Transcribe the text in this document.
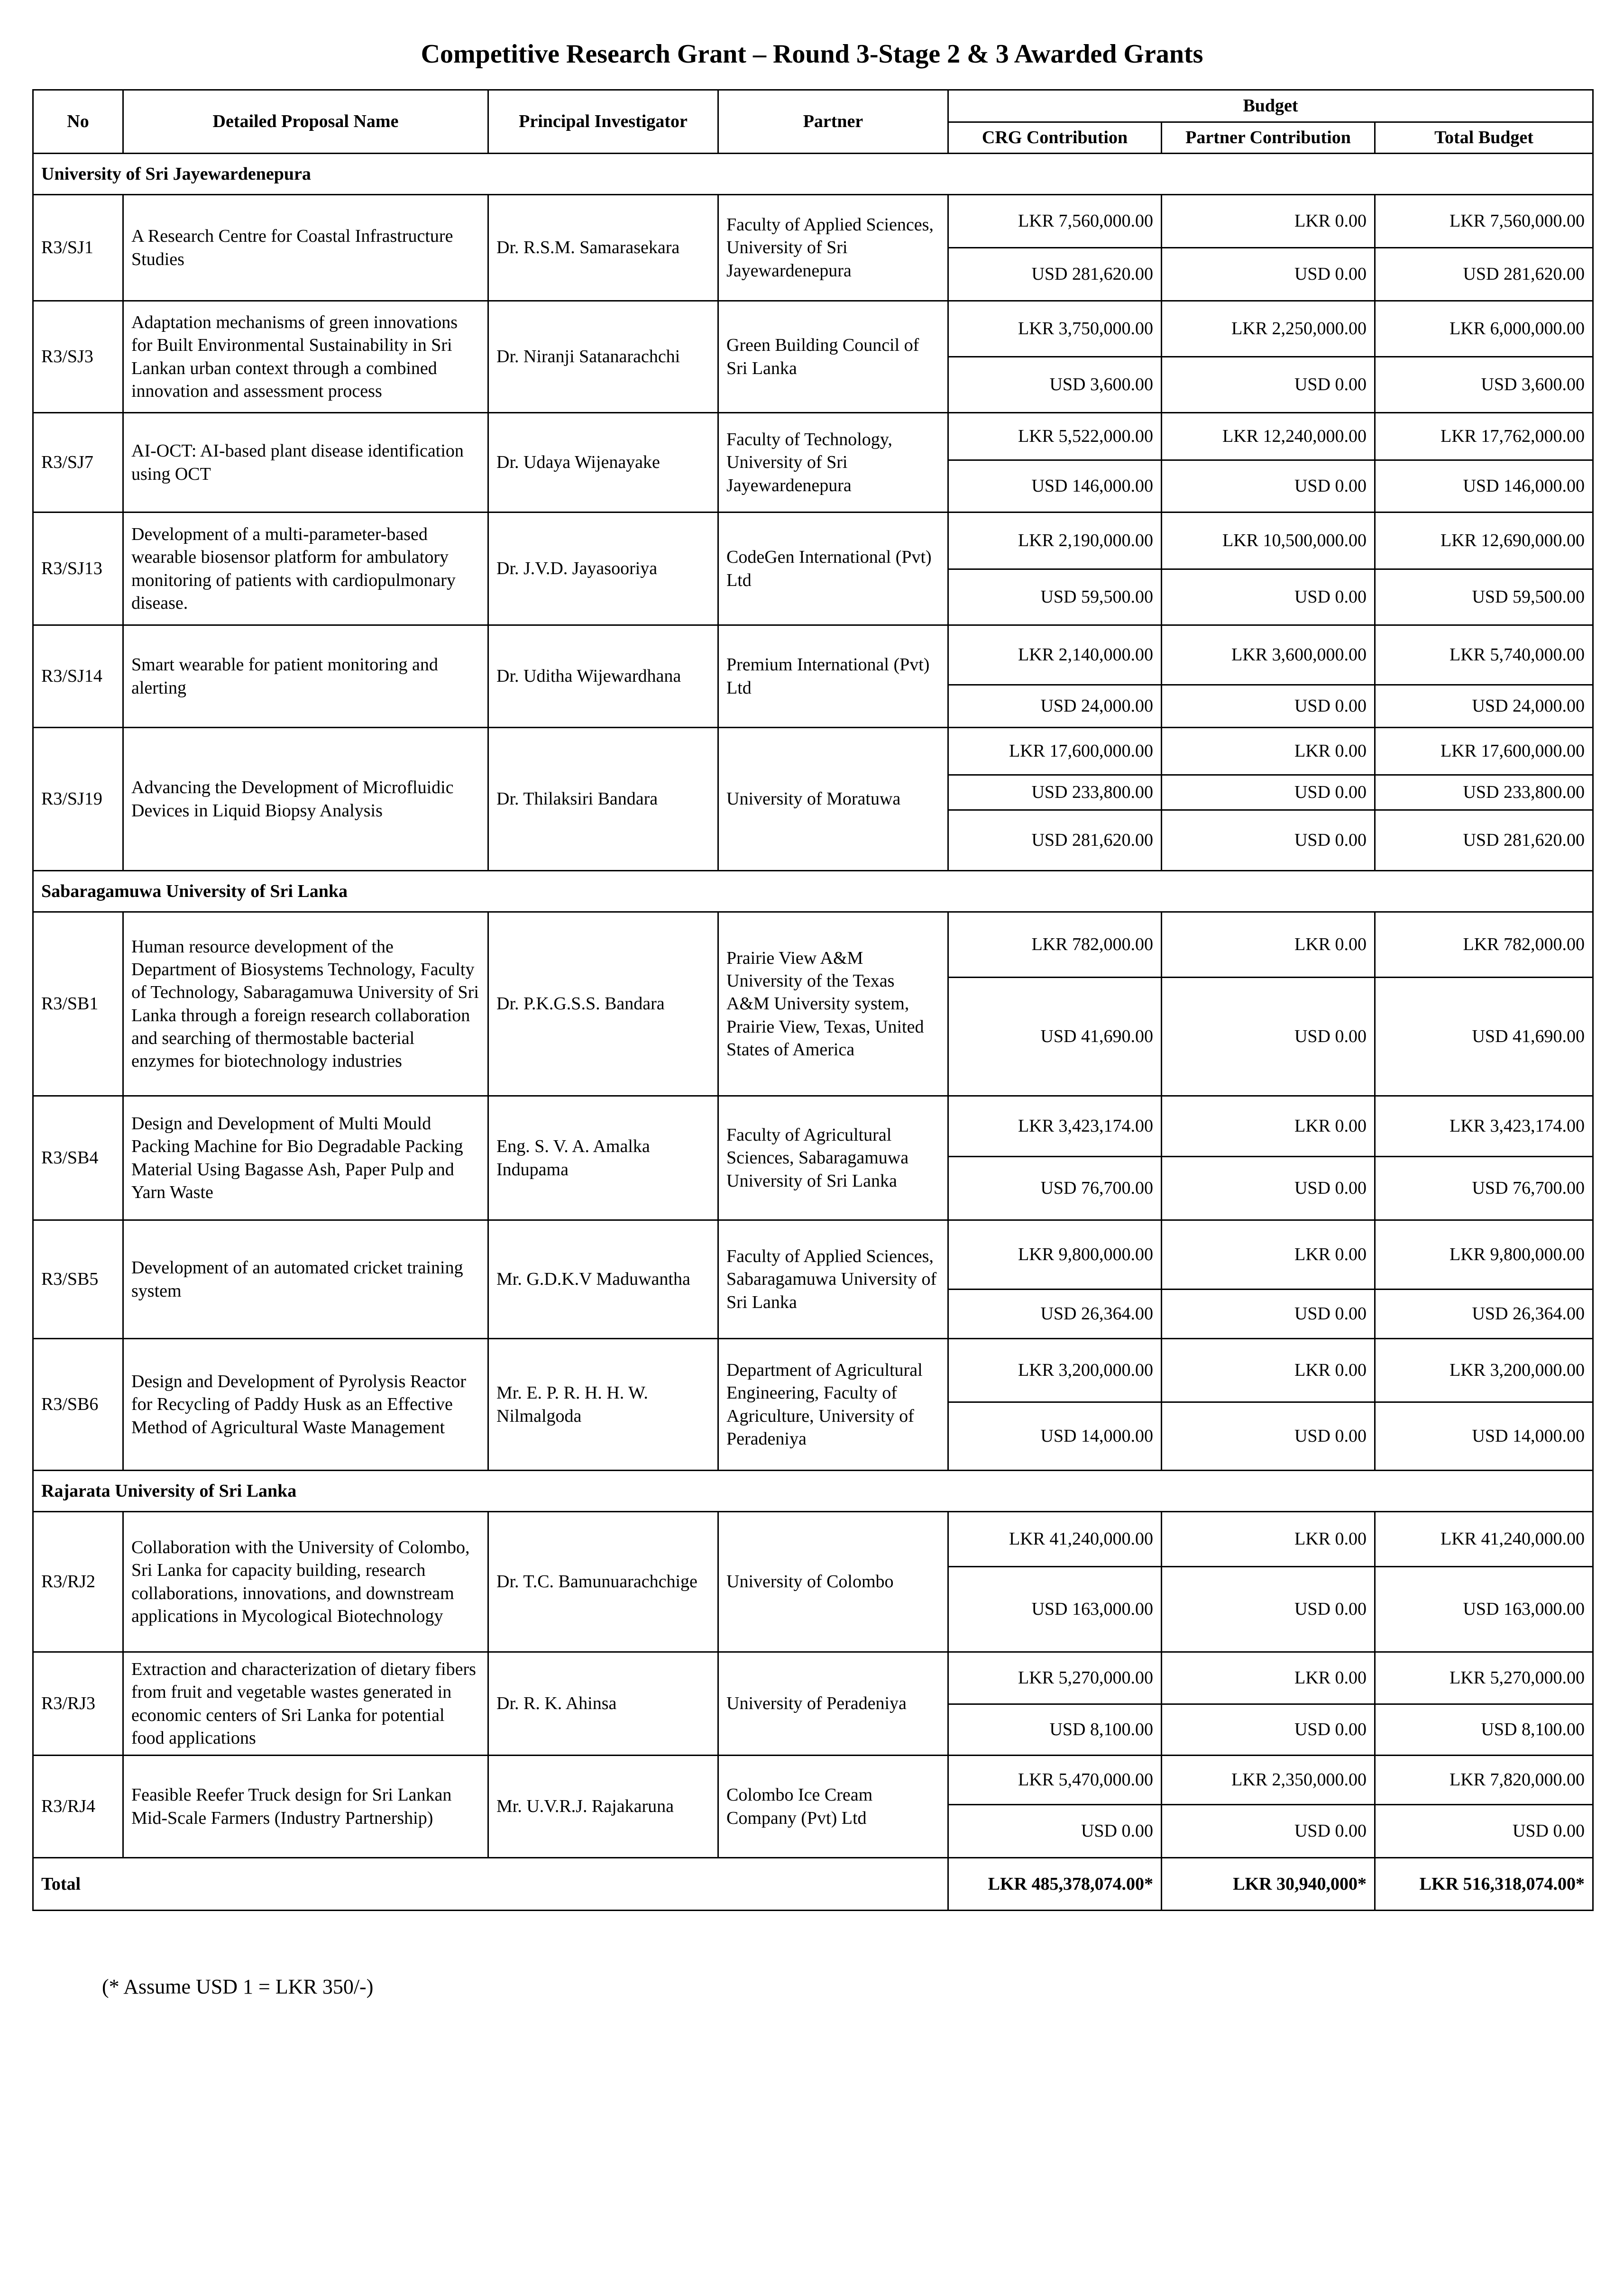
Competitive Research Grant – Round 3-Stage 2 & 3 Awarded Grants
No	Detailed Proposal Name	Principal Investigator	Partner	Budget		
				CRG Contribution	Partner Contribution	Total Budget
University of Sri Jayewardenepura						
R3/SJ1	A Research Centre for Coastal Infrastructure Studies	Dr. R.S.M. Samarasekara	Faculty of Applied Sciences, University of Sri Jayewardenepura	LKR 7,560,000.00	LKR 0.00	LKR 7,560,000.00
				USD 281,620.00	USD 0.00	USD 281,620.00
R3/SJ3	Adaptation mechanisms of green innovations for Built Environmental Sustainability in Sri Lankan urban context through a combined innovation and assessment process	Dr. Niranji Satanarachchi	Green Building Council of Sri Lanka	LKR 3,750,000.00	LKR 2,250,000.00	LKR 6,000,000.00
				USD 3,600.00	USD 0.00	USD 3,600.00
R3/SJ7	AI-OCT: AI-based plant disease identification using OCT	Dr. Udaya Wijenayake	Faculty of Technology, University of Sri Jayewardenepura	LKR 5,522,000.00	LKR 12,240,000.00	LKR 17,762,000.00
				USD 146,000.00	USD 0.00	USD 146,000.00
R3/SJ13	Development of a multi-parameter-based wearable biosensor platform for ambulatory monitoring of patients with cardiopulmonary disease.	Dr. J.V.D. Jayasooriya	CodeGen International (Pvt) Ltd	LKR 2,190,000.00	LKR 10,500,000.00	LKR 12,690,000.00
				USD 59,500.00	USD 0.00	USD 59,500.00
R3/SJ14	Smart wearable for patient monitoring and alerting	Dr. Uditha Wijewardhana	Premium International (Pvt) Ltd	LKR 2,140,000.00	LKR 3,600,000.00	LKR 5,740,000.00
				USD 24,000.00	USD 0.00	USD 24,000.00
R3/SJ19	Advancing the Development of Microfluidic Devices in Liquid Biopsy Analysis	Dr. Thilaksiri Bandara	University of Moratuwa	LKR 17,600,000.00	LKR 0.00	LKR 17,600,000.00
				USD 233,800.00	USD 0.00	USD 233,800.00
				USD 281,620.00	USD 0.00	USD 281,620.00
Sabaragamuwa University of Sri Lanka						
R3/SB1	Human resource development of the Department of Biosystems Technology, Faculty of Technology, Sabaragamuwa University of Sri Lanka through a foreign research collaboration and searching of thermostable bacterial enzymes for biotechnology industries	Dr. P.K.G.S.S. Bandara	Prairie View A&M University of the Texas A&M University system, Prairie View, Texas, United States of America	LKR 782,000.00	LKR 0.00	LKR 782,000.00
				USD 41,690.00	USD 0.00	USD 41,690.00
R3/SB4	Design and Development of Multi Mould Packing Machine for Bio Degradable Packing Material Using Bagasse Ash, Paper Pulp and Yarn Waste	Eng. S. V. A. Amalka Indupama	Faculty of Agricultural Sciences, Sabaragamuwa University of Sri Lanka	LKR 3,423,174.00	LKR 0.00	LKR 3,423,174.00
				USD 76,700.00	USD 0.00	USD 76,700.00
R3/SB5	Development of an automated cricket training system	Mr. G.D.K.V Maduwantha	Faculty of Applied Sciences, Sabaragamuwa University of Sri Lanka	LKR 9,800,000.00	LKR 0.00	LKR 9,800,000.00
				USD 26,364.00	USD 0.00	USD 26,364.00
R3/SB6	Design and Development of Pyrolysis Reactor for Recycling of Paddy Husk as an Effective Method of Agricultural Waste Management	Mr. E. P. R. H. H. W. Nilmalgoda	Department of Agricultural Engineering, Faculty of Agriculture, University of Peradeniya	LKR 3,200,000.00	LKR 0.00	LKR 3,200,000.00
				USD 14,000.00	USD 0.00	USD 14,000.00
Rajarata University of Sri Lanka						
R3/RJ2	Collaboration with the University of Colombo, Sri Lanka for capacity building, research collaborations, innovations, and downstream applications in Mycological Biotechnology	Dr. T.C. Bamunuarachchige	University of Colombo	LKR 41,240,000.00	LKR 0.00	LKR 41,240,000.00
				USD 163,000.00	USD 0.00	USD 163,000.00
R3/RJ3	Extraction and characterization of dietary fibers from fruit and vegetable wastes generated in economic centers of Sri Lanka for potential food applications	Dr. R. K. Ahinsa	University of Peradeniya	LKR 5,270,000.00	LKR 0.00	LKR 5,270,000.00
				USD 8,100.00	USD 0.00	USD 8,100.00
R3/RJ4	Feasible Reefer Truck design for Sri Lankan Mid-Scale Farmers (Industry Partnership)	Mr. U.V.R.J. Rajakaruna	Colombo Ice Cream Company (Pvt) Ltd	LKR 5,470,000.00	LKR 2,350,000.00	LKR 7,820,000.00
				USD 0.00	USD 0.00	USD 0.00
Total				LKR 485,378,074.00*	LKR 30,940,000*	LKR 516,318,074.00*
(* Assume USD 1 = LKR 350/-)
